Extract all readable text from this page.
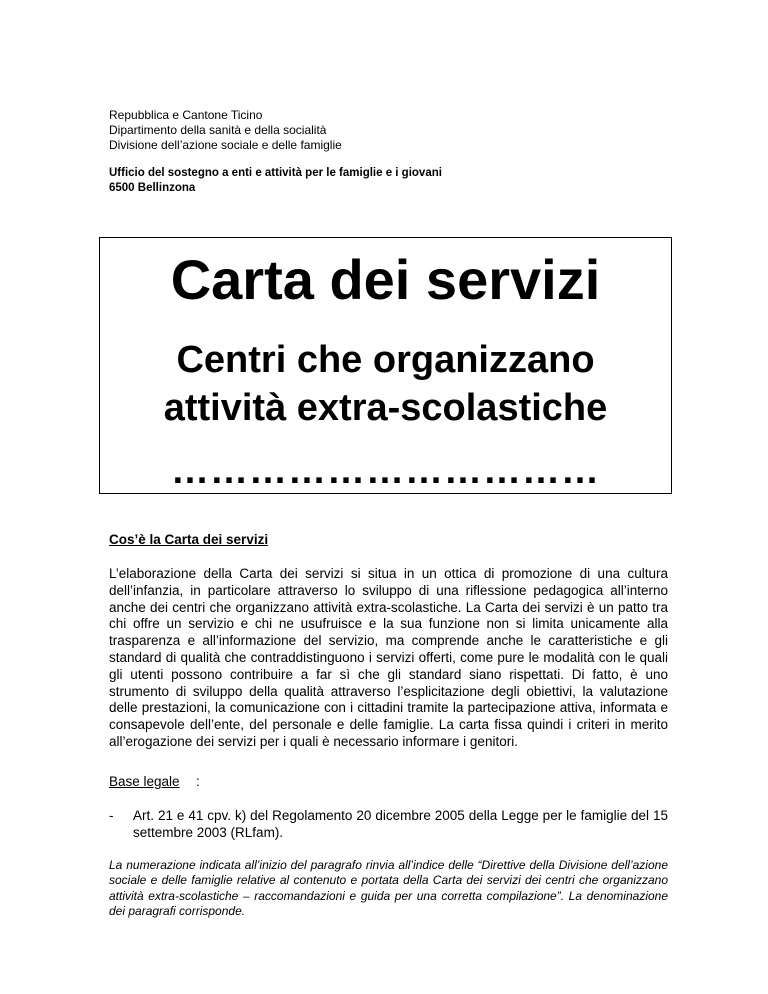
Repubblica e Cantone Ticino
Dipartimento della sanità e della socialità
Divisione dell’azione sociale e delle famiglie
Ufficio del sostegno a enti e attività per le famiglie e i giovani
6500 Bellinzona
Carta dei servizi
Centri che organizzano
attività extra-scolastiche
……………………………
Cos’è la Carta dei servizi

L’elaborazione della Carta dei servizi si situa in un ottica di promozione di una cultura dell’infanzia, in particolare attraverso lo sviluppo di una riflessione pedagogica all’interno anche dei centri che organizzano attività extra-scolastiche. La Carta dei servizi è un patto tra chi offre un servizio e chi ne usufruisce e la sua funzione non si limita unicamente alla trasparenza e all’informazione del servizio, ma comprende anche le caratteristiche e gli standard di qualità che contraddistinguono i servizi offerti, come pure le modalità con le quali gli utenti possono contribuire a far sì che gli standard siano rispettati. Di fatto, è uno strumento di sviluppo della qualità attraverso l’esplicitazione degli obiettivi, la valutazione delle prestazioni, la comunicazione con i cittadini tramite la partecipazione attiva, informata e consapevole dell’ente, del personale e delle famiglie. La carta fissa quindi i criteri in merito all’erogazione dei servizi per i quali è necessario informare i genitori.

Base legale :
- Art. 21 e 41 cpv. k) del Regolamento 20 dicembre 2005 della Legge per le famiglie del 15 settembre 2003 (RLfam).

La numerazione indicata all’inizio del paragrafo rinvia all’indice delle “Direttive della Divisione dell’azione sociale e delle famiglie relative al contenuto e portata della Carta dei servizi dei centri che organizzano attività extra-scolastiche – raccomandazioni e guida per una corretta compilazione”. La denominazione dei paragrafi corrisponde.
